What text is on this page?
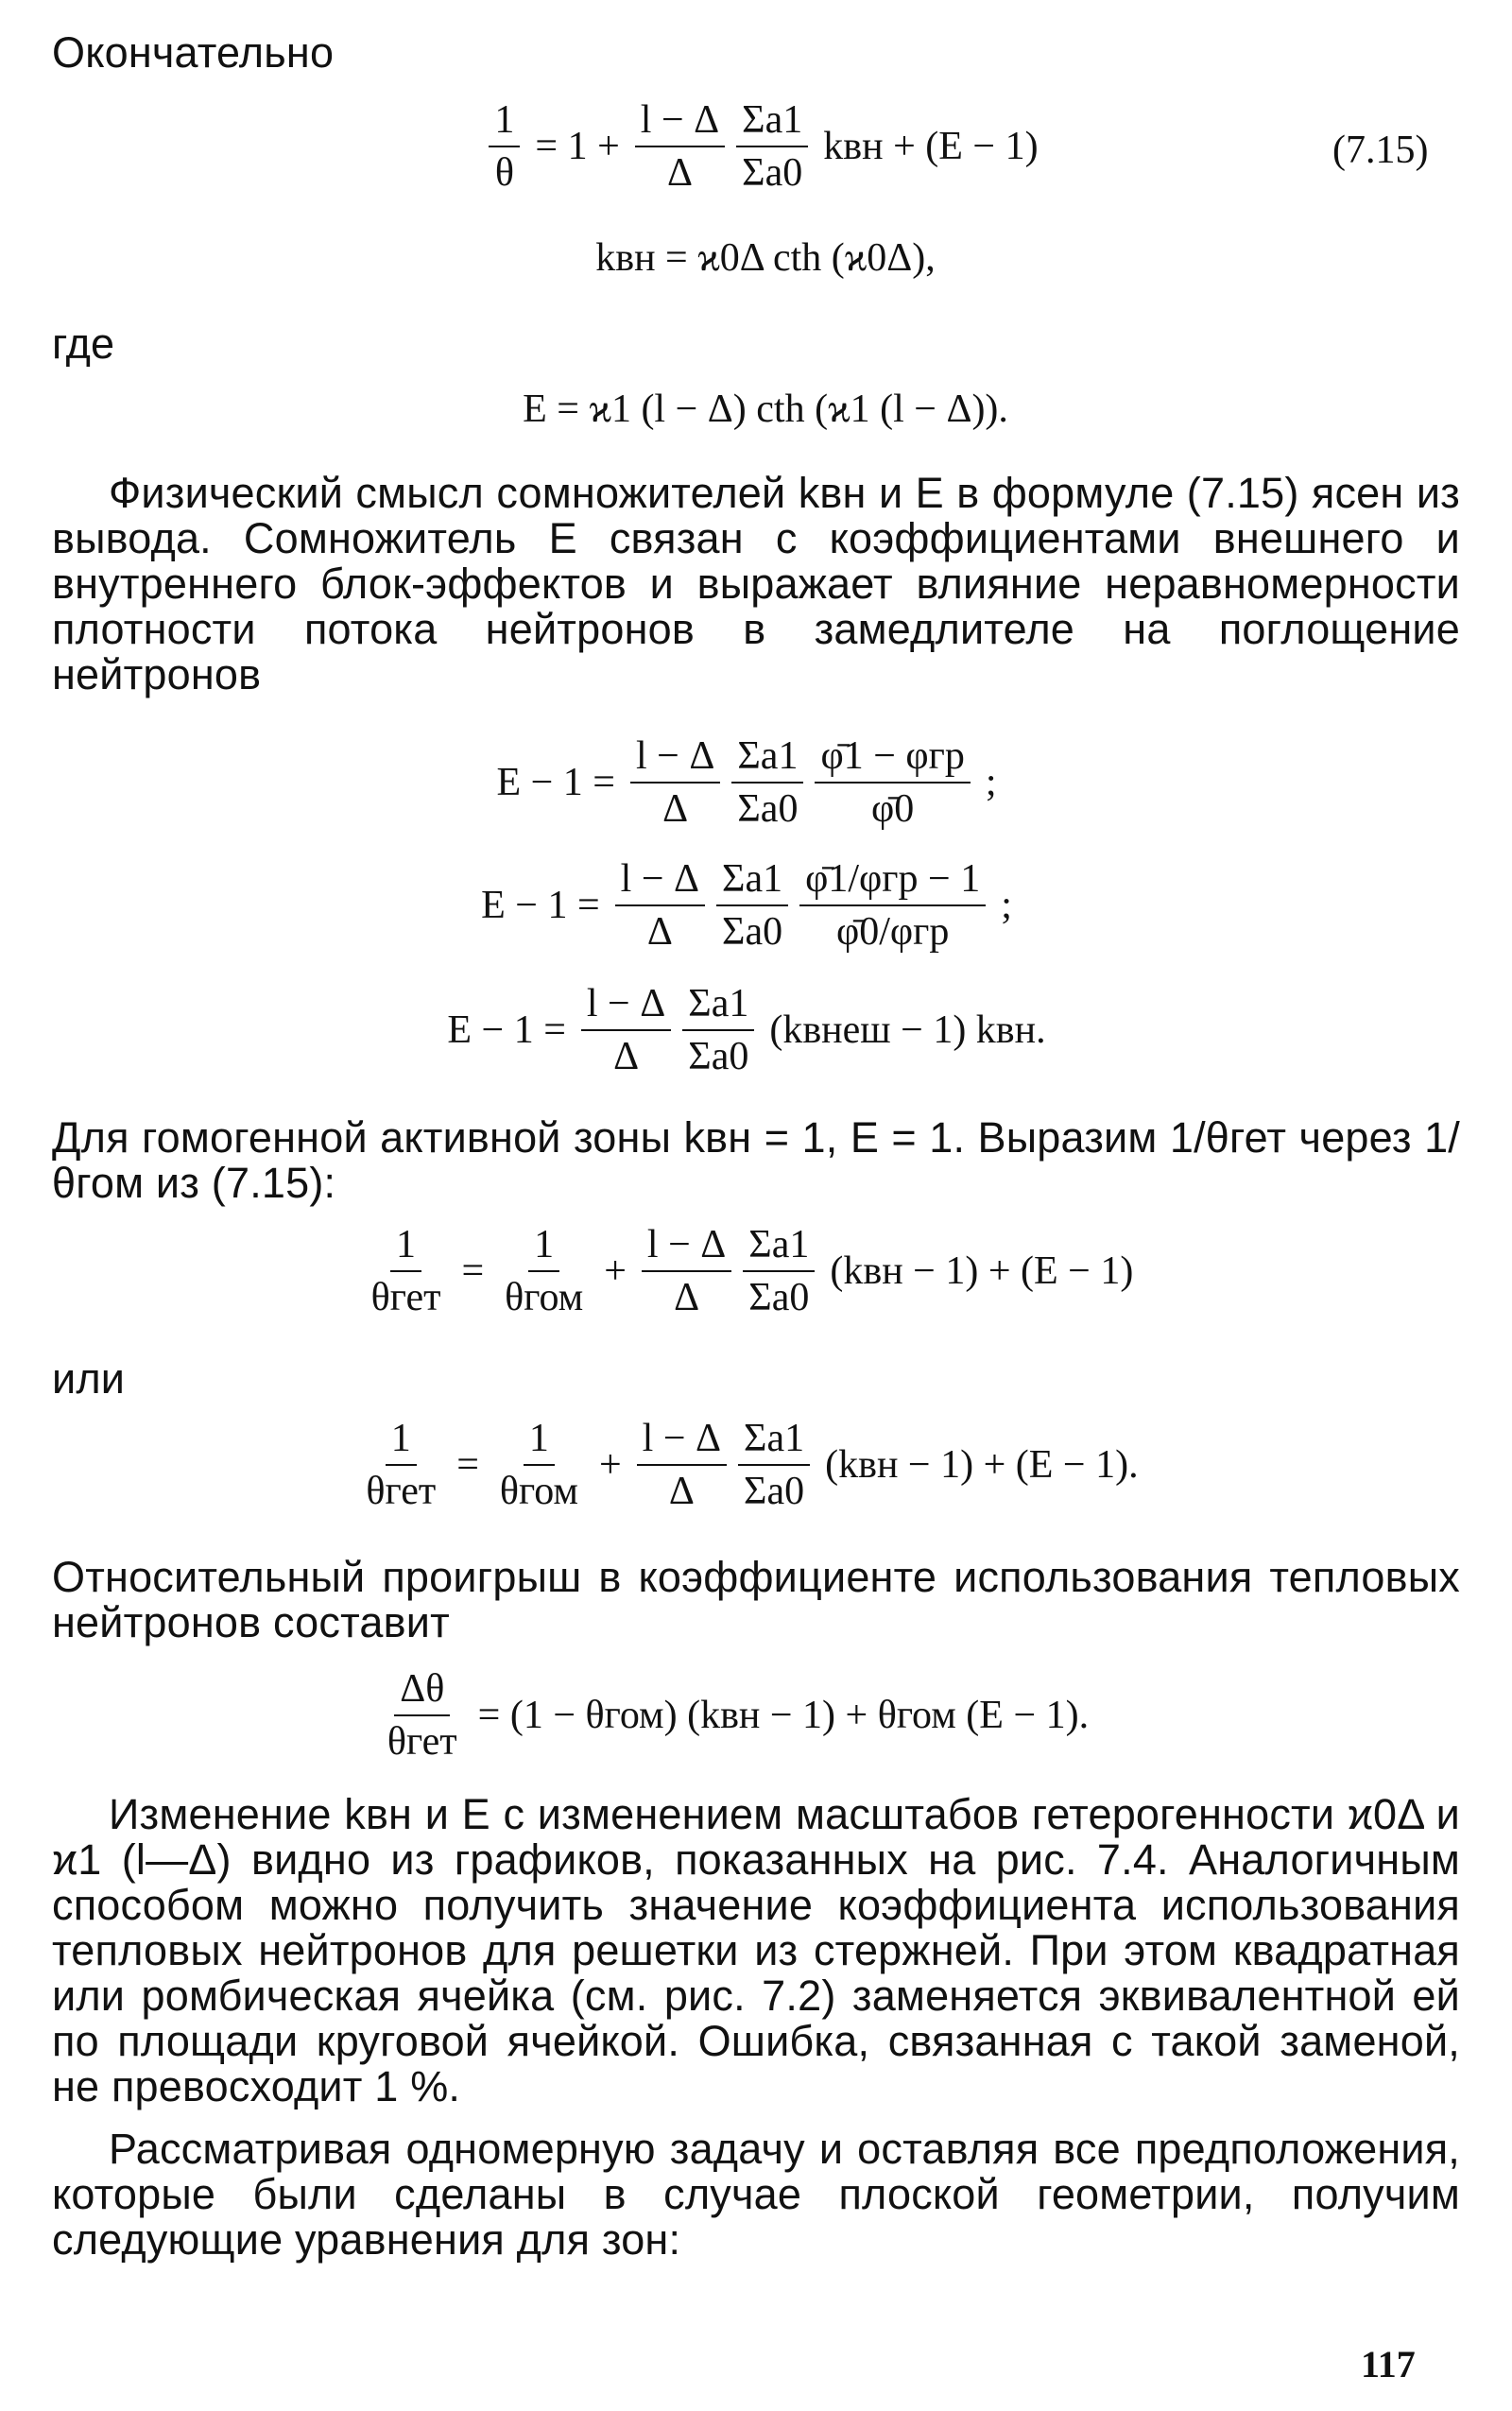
Окончательно
$\frac{1}{\theta} = 1 + \frac{l - \Delta}{\Delta} \frac{\Sigma a1}{\Sigma a0}$ kвн + (E − 1)	(7.15)
kвн = ϰ0Δ cth (ϰ0Δ),
где
E = ϰ1 (l − Δ) cth (ϰ1 (l − Δ)).
Физический смысл сомножителей kвн и E в формуле (7.15) ясен из вывода. Сомножитель E связан с коэффициентами внешнего и внутреннего блок-эффектов и выражает влияние неравномерности плотности потока нейтронов в замедлителе на поглощение нейтронов
$E - 1 = \frac{l - \Delta}{\Delta} \frac{\Sigma a1}{\Sigma a0} \frac{\text{φ̄1 − φгр}}{\varphī0}$ ;
$E - 1 = \frac{l - \Delta}{\Delta} \frac{\Sigma a1}{\Sigma a0} \frac{\text{φ̄1/φгр − 1}}{\text{φ̄0/φгр}}$ ;
$E - 1 = \frac{l - \Delta}{\Delta} \frac{\Sigma a1}{\Sigma a0}$ (kвнеш − 1) kвн.
Для гомогенной активной зоны kвн = 1, E = 1. Выразим 1/θгет через 1/θгом из (7.15):
$\frac{1}{\text{θгет}} = \frac{1}{\text{θгом}} + \frac{l - \Delta}{\Delta} \frac{\Sigma a1}{\Sigma a0} (kвн - 1) + (E - 1)$
или
$\frac{1}{\text{θгет}} = \frac{1}{\text{θгом}} + \frac{l - \Delta}{\Delta} \frac{\Sigma a1}{\Sigma a0} (kвн - 1) + (E - 1)$.
Относительный проигрыш в коэффициенте использования тепловых нейтронов составит
$\frac{\Delta\theta}{\text{θгет}} = (1 - \theta гом) (kвн - 1) + \theta гом$ (E − 1).
Изменение kвн и E с изменением масштабов гетерогенности ϰ0Δ и ϰ1 (l—Δ) видно из графиков, показанных на рис. 7.4. Аналогичным способом можно получить значение коэффициента использования тепловых нейтронов для решетки из стержней. При этом квадратная или ромбическая ячейка (см. рис. 7.2) заменяется эквивалентной ей по площади круговой ячейкой. Ошибка, связанная с такой заменой, не превосходит 1 %.
Рассматривая одномерную задачу и оставляя все предположения, которые были сделаны в случае плоской геометрии, получим следующие уравнения для зон:
117
